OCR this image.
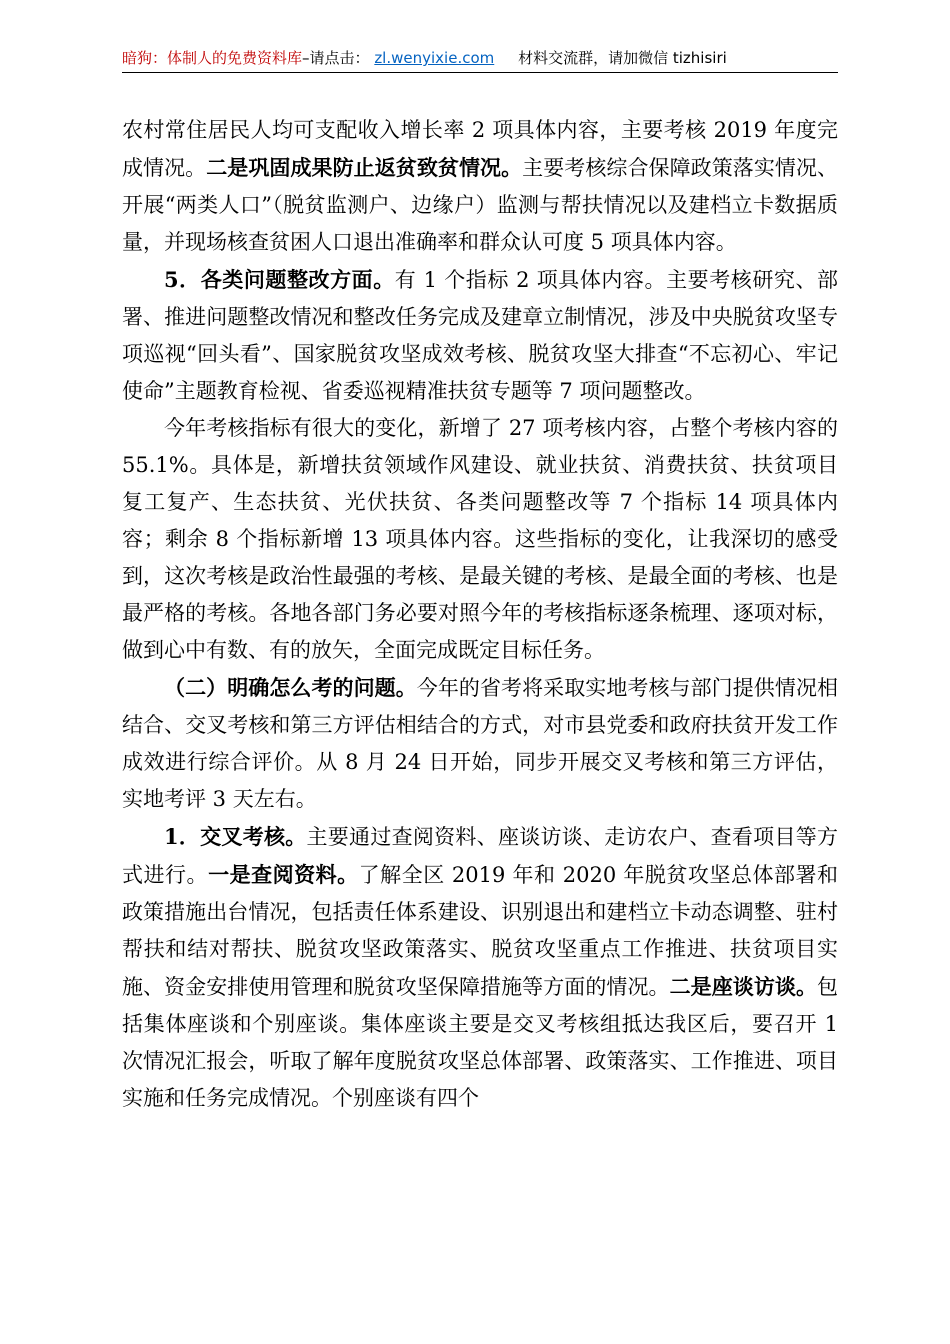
暗狗：体制人的免费资料库–请点击： zl.wenyixie.com 材料交流群，请加微信 tizhisiri

农村常住居民人均可支配收入增长率 2 项具体内容，主要考核 2019 年度完成情况。二是巩固成果防止返贫致贫情况。主要考核综合保障政策落实情况、开展“两类人口”（脱贫监测户、边缘户）监测与帮扶情况以及建档立卡数据质量，并现场核查贫困人口退出准确率和群众认可度 5 项具体内容。

5．各类问题整改方面。有 1 个指标 2 项具体内容。主要考核研究、部署、推进问题整改情况和整改任务完成及建章立制情况，涉及中央脱贫攻坚专项巡视“回头看”、国家脱贫攻坚成效考核、脱贫攻坚大排查“不忘初心、牢记使命”主题教育检视、省委巡视精准扶贫专题等 7 项问题整改。

今年考核指标有很大的变化，新增了 27 项考核内容，占整个考核内容的 55.1%。具体是，新增扶贫领域作风建设、就业扶贫、消费扶贫、扶贫项目复工复产、生态扶贫、光伏扶贫、各类问题整改等 7 个指标 14 项具体内容；剩余 8 个指标新增 13 项具体内容。这些指标的变化，让我深切的感受到，这次考核是政治性最强的考核、是最关键的考核、是最全面的考核、也是最严格的考核。各地各部门务必要对照今年的考核指标逐条梳理、逐项对标，做到心中有数、有的放矢，全面完成既定目标任务。

（二）明确怎么考的问题。今年的省考将采取实地考核与部门提供情况相结合、交叉考核和第三方评估相结合的方式，对市县党委和政府扶贫开发工作成效进行综合评价。从 8 月 24 日开始，同步开展交叉考核和第三方评估，实地考评 3 天左右。

1．交叉考核。主要通过查阅资料、座谈访谈、走访农户、查看项目等方式进行。一是查阅资料。了解全区 2019 年和 2020 年脱贫攻坚总体部署和政策措施出台情况，包括责任体系建设、识别退出和建档立卡动态调整、驻村帮扶和结对帮扶、脱贫攻坚政策落实、脱贫攻坚重点工作推进、扶贫项目实施、资金安排使用管理和脱贫攻坚保障措施等方面的情况。二是座谈访谈。包括集体座谈和个别座谈。集体座谈主要是交叉考核组抵达我区后，要召开 1 次情况汇报会，听取了解年度脱贫攻坚总体部署、政策落实、工作推进、项目实施和任务完成情况。个别座谈有四个
